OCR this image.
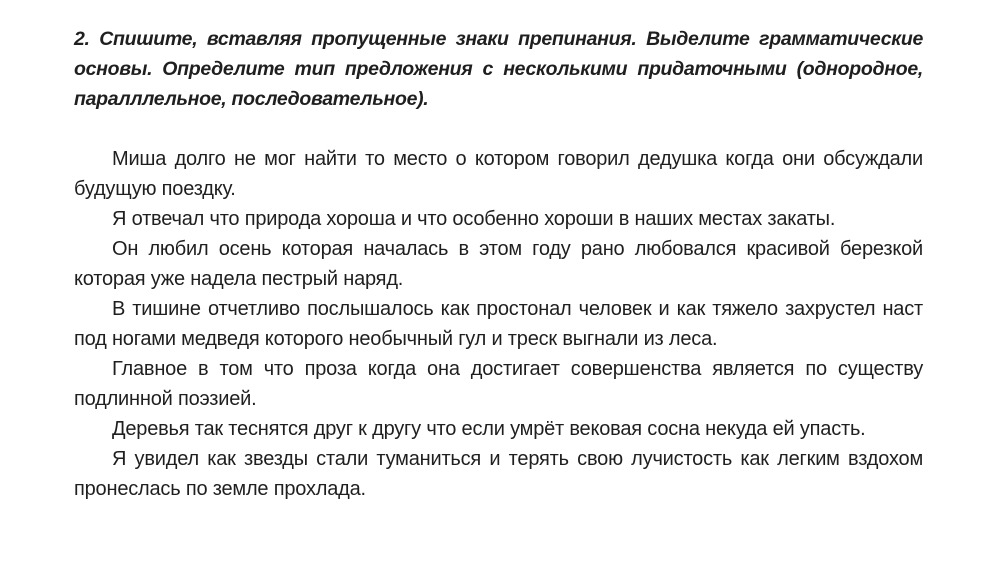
2. Спишите, вставляя пропущенные знаки препинания. Выделите грамматические основы. Определите тип предложения с несколькими придаточными (однородное, паралллельное, последовательное).

Миша долго не мог найти то место о котором говорил дедушка когда они обсуждали будущую поездку.

Я отвечал что природа хороша и что особенно хороши в наших местах закаты.

Он любил осень которая началась в этом году рано любовался красивой березкой которая уже надела пестрый наряд.

В тишине отчетливо послышалось как простонал человек и как тяжело захрустел наст под ногами медведя которого необычный гул и треск выгнали из леса.

Главное в том что проза когда она достигает совершенства является по существу подлинной поэзией.

Деревья так теснятся друг к другу что если умрёт вековая сосна некуда ей упасть.

Я увидел как звезды стали туманиться и терять свою лучистость как легким вздохом пронеслась по земле прохлада.
